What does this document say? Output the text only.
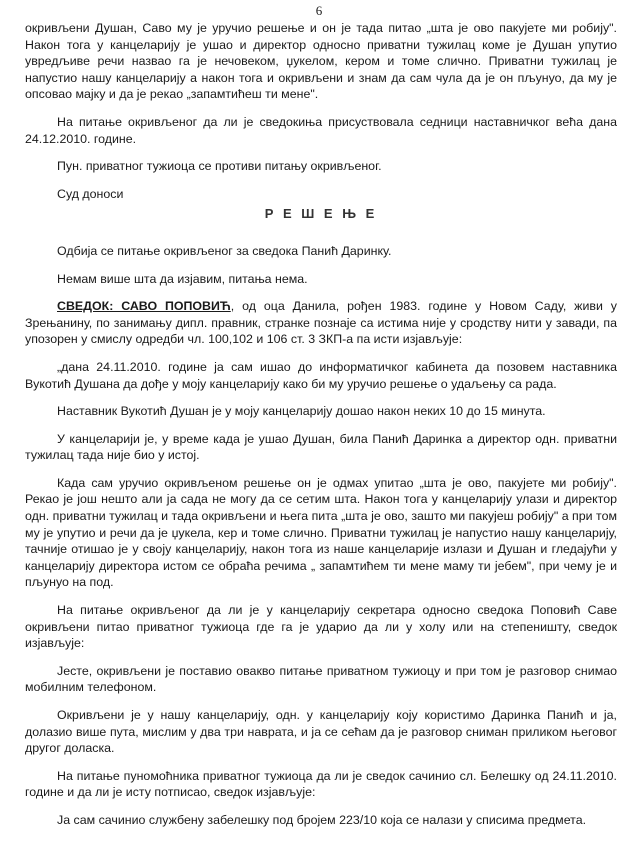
6

окривљени Душан, Саво му је уручио решење и он је тада питао „шта је ово пакујете ми робију". Након тога у канцеларију је ушао и директор односно приватни тужилац коме је Душан упутио увредљиве речи назвао га је нечовеком, џукелом, кером и томе слично. Приватни тужилац је напустио нашу канцеларију а након тога и окривљени и знам да сам чула да је он пљунуо, да му је опсовао мајку и да је рекао „запамтићеш ти мене".

На питање окривљеног да ли је сведокиња присуствовала седници наставничког већа дана 24.12.2010. године.

Пун. приватног тужиоца се противи питању окривљеног.

Суд доноси

Р Е Ш Е Њ Е

Одбија се питање окривљеног за сведока Панић Даринку.

Немам више шта да изјавим, питања нема.

СВЕДОК: САВО ПОПОВИЋ, од оца Данила, рођен 1983. године у Новом Саду, живи у Зрењанину, по занимању дипл. правник, странке познаје са истима није у сродству нити у завади, па упозорен у смислу одредби чл. 100,102 и 106 ст. 3 ЗКП-а па исти изјављује:

„дана 24.11.2010. године ја сам ишао до информатичког кабинета да позовем наставника Вукотић Душана да дође у моју канцеларију како би му уручио решење о удаљењу са рада.

Наставник Вукотић Душан је у моју канцеларију дошао након неких 10 до 15 минута.

У канцеларији је, у време када је ушао Душан, била Панић Даринка а директор одн. приватни тужилац тада није био у истој.

Када сам уручио окривљеном решење он је одмах упитао „шта је ово, пакујете ми робију". Рекао је још нешто али ја сада не могу да се сетим шта. Након тога у канцеларију улази и директор одн. приватни тужилац и тада окривљени и њега пита „шта је ово, зашто ми пакујеш робију" а при том му је упутио и речи да је џукела, кер и томе слично. Приватни тужилац је напустио нашу канцеларију, тачније отишао је у своју канцеларију, након тога из наше канцеларије излази и Душан и гледајући у канцеларију директора истом се обраћа речима „ запамтићем ти мене маму ти јебем", при чему је и пљунуо на под.

На питање окривљеног да ли је у канцеларију секретара односно сведока Поповић Саве окривљени питао приватног тужиоца где га је ударио да ли у холу или на степеништу, сведок изјављује:

Јесте, окривљени је поставио овакво питање приватном тужиоцу и при том је разговор снимао мобилним телефоном.

Окривљени је у нашу канцеларију, одн. у канцеларију коју користимо Даринка Панић и ја, долазио више пута, мислим у два три наврата, и ја се сећам да је разговор сниман приликом његовог другог доласка.

На питање пуномоћника приватног тужиоца да ли је сведок сачинио сл. Белешку од 24.11.2010. године и да ли је исту потписао, сведок изјављује:

Ја сам сачинио службену забелешку под бројем 223/10 која се налази у списима предмета.
